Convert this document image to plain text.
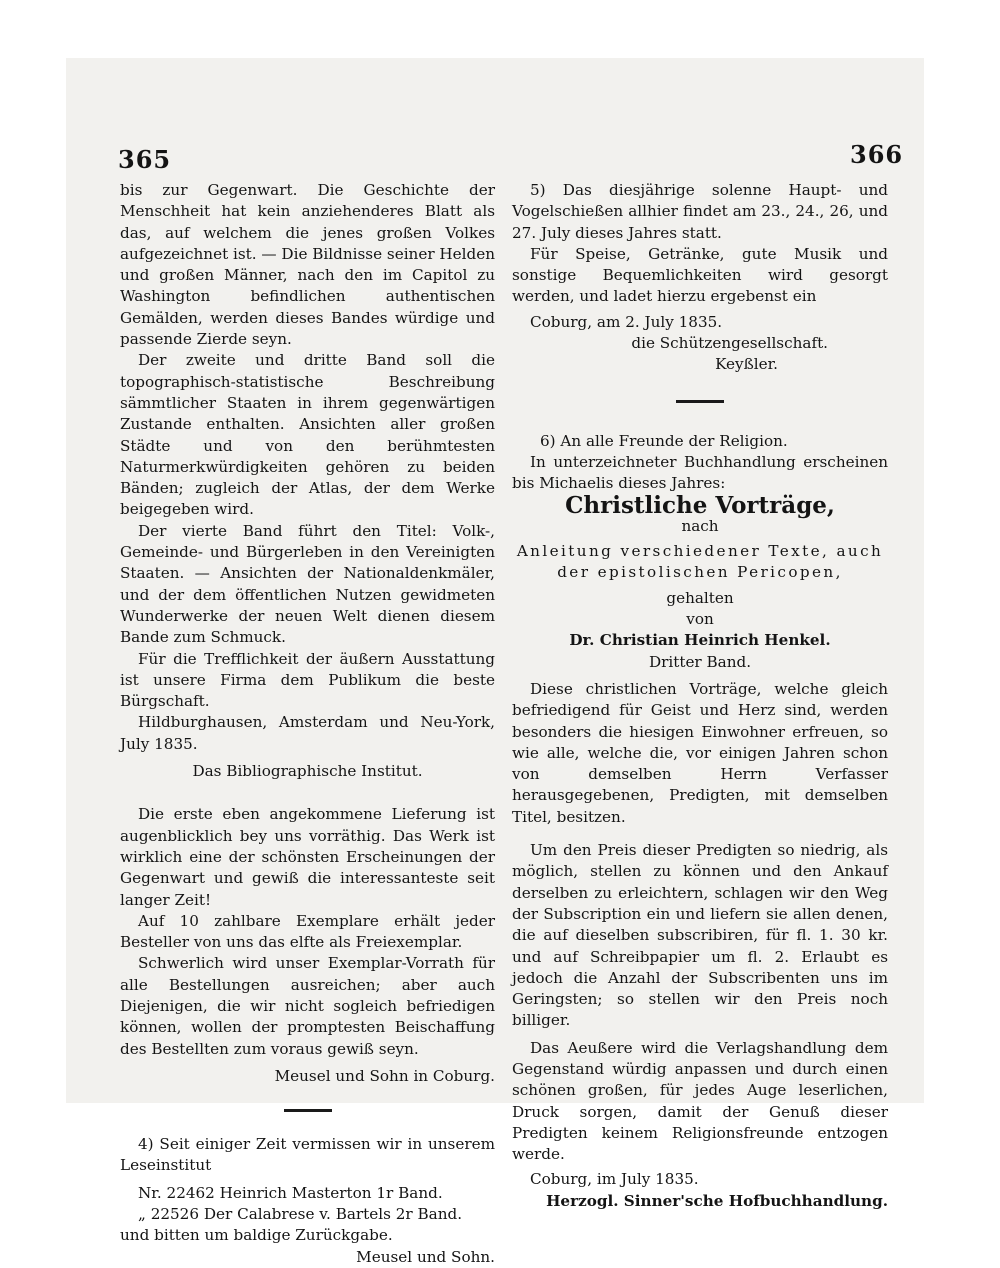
365	366

bis zur Gegenwart. Die Geschichte der Menschheit hat kein anziehenderes Blatt als das, auf welchem die jenes großen Volkes aufgezeichnet ist. — Die Bildnisse seiner Helden und großen Männer, nach den im Capitol zu Washington befindlichen authentischen Gemälden, werden dieses Bandes würdige und passende Zierde seyn.

Der zweite und dritte Band soll die topographisch-statistische Beschreibung sämmtlicher Staaten in ihrem gegenwärtigen Zustande enthalten. Ansichten aller großen Städte und von den berühmtesten Naturmerkwürdigkeiten gehören zu beiden Bänden; zugleich der Atlas, der dem Werke beigegeben wird.

Der vierte Band führt den Titel: Volk-, Gemeinde- und Bürgerleben in den Vereinigten Staaten. — Ansichten der Nationaldenkmäler, und der dem öffentlichen Nutzen gewidmeten Wunderwerke der neuen Welt dienen diesem Bande zum Schmuck.

Für die Trefflichkeit der äußern Ausstattung ist unsere Firma dem Publikum die beste Bürgschaft.

Hildburghausen, Amsterdam und Neu-York, July 1835.

Das Bibliographische Institut.

Die erste eben angekommene Lieferung ist augenblicklich bey uns vorräthig. Das Werk ist wirklich eine der schönsten Erscheinungen der Gegenwart und gewiß die interessanteste seit langer Zeit!

Auf 10 zahlbare Exemplare erhält jeder Besteller von uns das elfte als Freiexemplar.

Schwerlich wird unser Exemplar-Vorrath für alle Bestellungen ausreichen; aber auch Diejenigen, die wir nicht sogleich befriedigen können, wollen der promptesten Beischaffung des Bestellten zum voraus gewiß seyn.

Meusel und Sohn in Coburg.

4) Seit einiger Zeit vermissen wir in unserem Leseinstitut

Nr. 22462 Heinrich Masterton 1r Band.

„ 22526 Der Calabrese v. Bartels 2r Band.

und bitten um baldige Zurückgabe.

Meusel und Sohn.

5) Das diesjährige solenne Haupt- und Vogelschießen allhier findet am 23., 24., 26, und 27. July dieses Jahres statt.

Für Speise, Getränke, gute Musik und sonstige Bequemlichkeiten wird gesorgt werden, und ladet hierzu ergebenst ein

Coburg, am 2. July 1835.

die Schützengesellschaft.

Keyßler.

6) An alle Freunde der Religion.

In unterzeichneter Buchhandlung erscheinen bis Michaelis dieses Jahres:

Christliche Vorträge,

nach

Anleitung verschiedener Texte, auch

der epistolischen Pericopen,

gehalten

von

Dr. Christian Heinrich Henkel.

Dritter Band.

Diese christlichen Vorträge, welche gleich befriedigend für Geist und Herz sind, werden besonders die hiesigen Einwohner erfreuen, so wie alle, welche die, vor einigen Jahren schon von demselben Herrn Verfasser herausgegebenen, Predigten, mit demselben Titel, besitzen.

Um den Preis dieser Predigten so niedrig, als möglich, stellen zu können und den Ankauf derselben zu erleichtern, schlagen wir den Weg der Subscription ein und liefern sie allen denen, die auf dieselben subscribiren, für fl. 1. 30 kr. und auf Schreibpapier um fl. 2. Erlaubt es jedoch die Anzahl der Subscribenten uns im Geringsten; so stellen wir den Preis noch billiger.

Das Aeußere wird die Verlagshandlung dem Gegenstand würdig anpassen und durch einen schönen großen, für jedes Auge leserlichen, Druck sorgen, damit der Genuß dieser Predigten keinem Religionsfreunde entzogen werde.

Coburg, im July 1835.

Herzogl. Sinner'sche Hofbuchhandlung.
